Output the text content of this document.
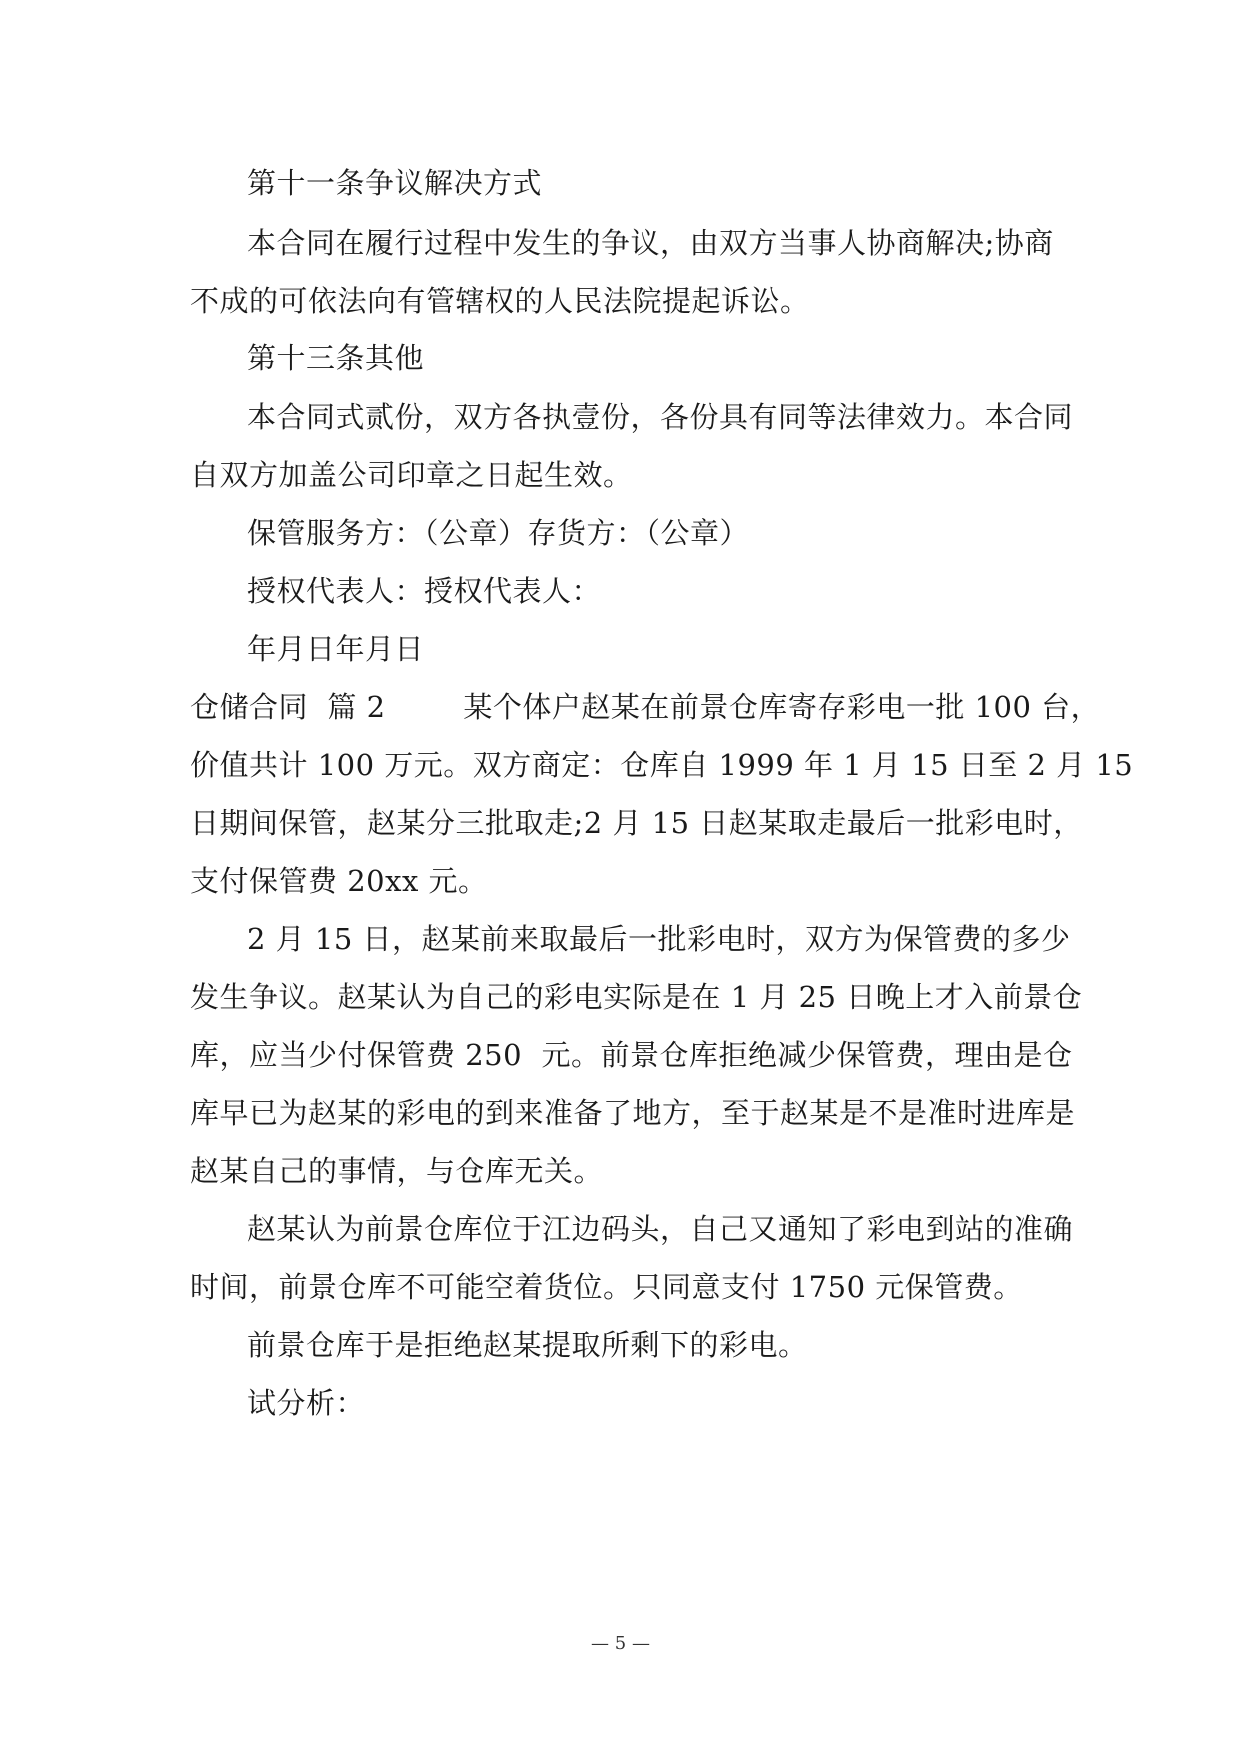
第十一条争议解决方式
本合同在履行过程中发生的争议，由双方当事人协商解决;协商
不成的可依法向有管辖权的人民法院提起诉讼。
第十三条其他
本合同式贰份，双方各执壹份，各份具有同等法律效力。本合同
自双方加盖公司印章之日起生效。
保管服务方：（公章）存货方：（公章）
授权代表人：授权代表人：
年月日年月日
仓储合同  篇 2        某个体户赵某在前景仓库寄存彩电一批 100 台，
价值共计 100 万元。双方商定：仓库自 1999 年 1 月 15 日至 2 月 15
日期间保管，赵某分三批取走;2 月 15 日赵某取走最后一批彩电时，
支付保管费 20xx 元。
2 月 15 日，赵某前来取最后一批彩电时，双方为保管费的多少
发生争议。赵某认为自己的彩电实际是在 1 月 25 日晚上才入前景仓
库，应当少付保管费 250  元。前景仓库拒绝减少保管费，理由是仓
库早已为赵某的彩电的到来准备了地方，至于赵某是不是准时进库是
赵某自己的事情，与仓库无关。
赵某认为前景仓库位于江边码头，自己又通知了彩电到站的准确
时间，前景仓库不可能空着货位。只同意支付 1750 元保管费。
前景仓库于是拒绝赵某提取所剩下的彩电。
试分析：
— 5 —
